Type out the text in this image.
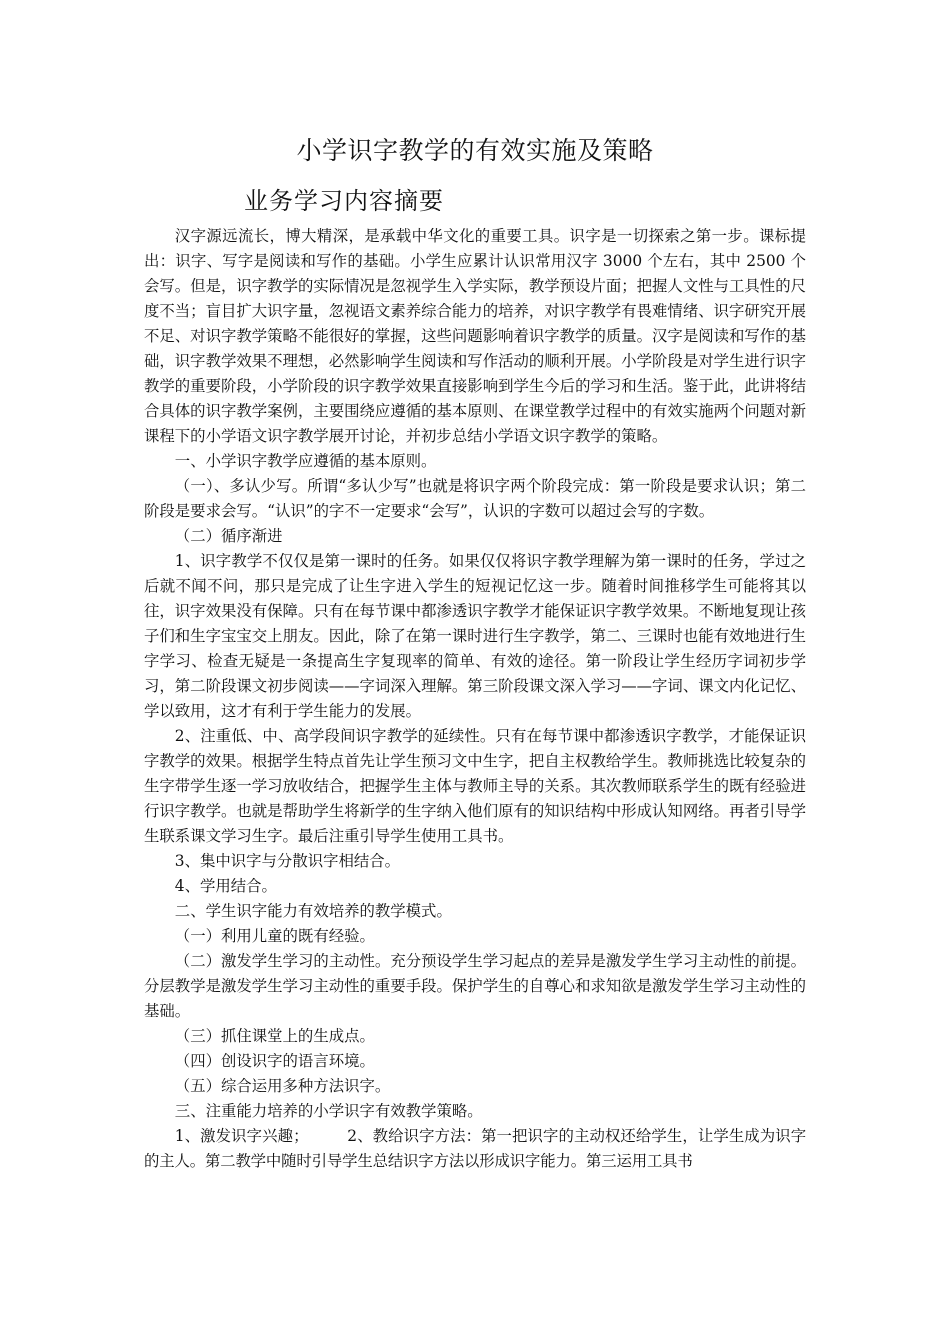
小学识字教学的有效实施及策略
业务学习内容摘要

汉字源远流长，博大精深，是承载中华文化的重要工具。识字是一切探索之第一步。课标提出：识字、写字是阅读和写作的基础。小学生应累计认识常用汉字 3000 个左右，其中 2500 个会写。但是，识字教学的实际情况是忽视学生入学实际，教学预设片面；把握人文性与工具性的尺度不当；盲目扩大识字量，忽视语文素养综合能力的培养，对识字教学有畏难情绪、识字研究开展不足、对识字教学策略不能很好的掌握，这些问题影响着识字教学的质量。汉字是阅读和写作的基础，识字教学效果不理想，必然影响学生阅读和写作活动的顺利开展。小学阶段是对学生进行识字教学的重要阶段，小学阶段的识字教学效果直接影响到学生今后的学习和生活。鉴于此，此讲将结合具体的识字教学案例，主要围绕应遵循的基本原则、在课堂教学过程中的有效实施两个问题对新课程下的小学语文识字教学展开讨论，并初步总结小学语文识字教学的策略。

一、小学识字教学应遵循的基本原则。

（一）、多认少写。所谓“多认少写”也就是将识字两个阶段完成：第一阶段是要求认识；第二阶段是要求会写。“认识”的字不一定要求“会写”，认识的字数可以超过会写的字数。

（二）循序渐进

1、识字教学不仅仅是第一课时的任务。如果仅仅将识字教学理解为第一课时的任务，学过之后就不闻不问，那只是完成了让生字进入学生的短视记忆这一步。随着时间推移学生可能将其以往，识字效果没有保障。只有在每节课中都渗透识字教学才能保证识字教学效果。不断地复现让孩子们和生字宝宝交上朋友。因此，除了在第一课时进行生字教学，第二、三课时也能有效地进行生字学习、检查无疑是一条提高生字复现率的简单、有效的途径。第一阶段让学生经历字词初步学习，第二阶段课文初步阅读——字词深入理解。第三阶段课文深入学习——字词、课文内化记忆、学以致用，这才有利于学生能力的发展。

2、注重低、中、高学段间识字教学的延续性。只有在每节课中都渗透识字教学，才能保证识字教学的效果。根据学生特点首先让学生预习文中生字，把自主权教给学生。教师挑选比较复杂的生字带学生逐一学习放收结合，把握学生主体与教师主导的关系。其次教师联系学生的既有经验进行识字教学。也就是帮助学生将新学的生字纳入他们原有的知识结构中形成认知网络。再者引导学生联系课文学习生字。最后注重引导学生使用工具书。

3、集中识字与分散识字相结合。

4、学用结合。

二、学生识字能力有效培养的教学模式。

（一）利用儿童的既有经验。

（二）激发学生学习的主动性。充分预设学生学习起点的差异是激发学生学习主动性的前提。分层教学是激发学生学习主动性的重要手段。保护学生的自尊心和求知欲是激发学生学习主动性的基础。

（三）抓住课堂上的生成点。

（四）创设识字的语言环境。

（五）综合运用多种方法识字。

三、注重能力培养的小学识字有效教学策略。

1、激发识字兴趣；　　　2、教给识字方法：第一把识字的主动权还给学生，让学生成为识字的主人。第二教学中随时引导学生总结识字方法以形成识字能力。第三运用工具书
